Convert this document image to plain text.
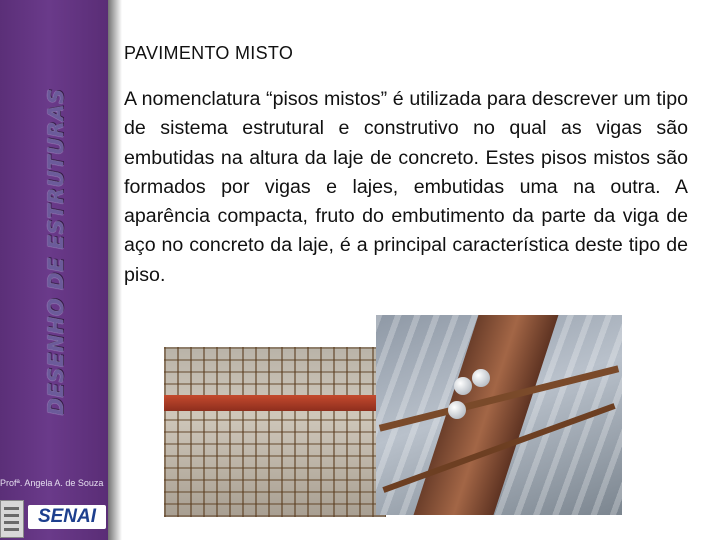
DESENHO DE ESTRUTURAS
Profª. Angela A. de Souza
SENAI
PAVIMENTO MISTO
A nomenclatura “pisos mistos” é utilizada para descrever um tipo de sistema estrutural e construtivo no qual as vigas são embutidas na altura da laje de concreto. Estes pisos mistos são formados por vigas e lajes, embutidas uma na outra. A aparência compacta, fruto do embutimento da parte da viga de aço no concreto da laje, é a principal característica deste tipo de piso.
